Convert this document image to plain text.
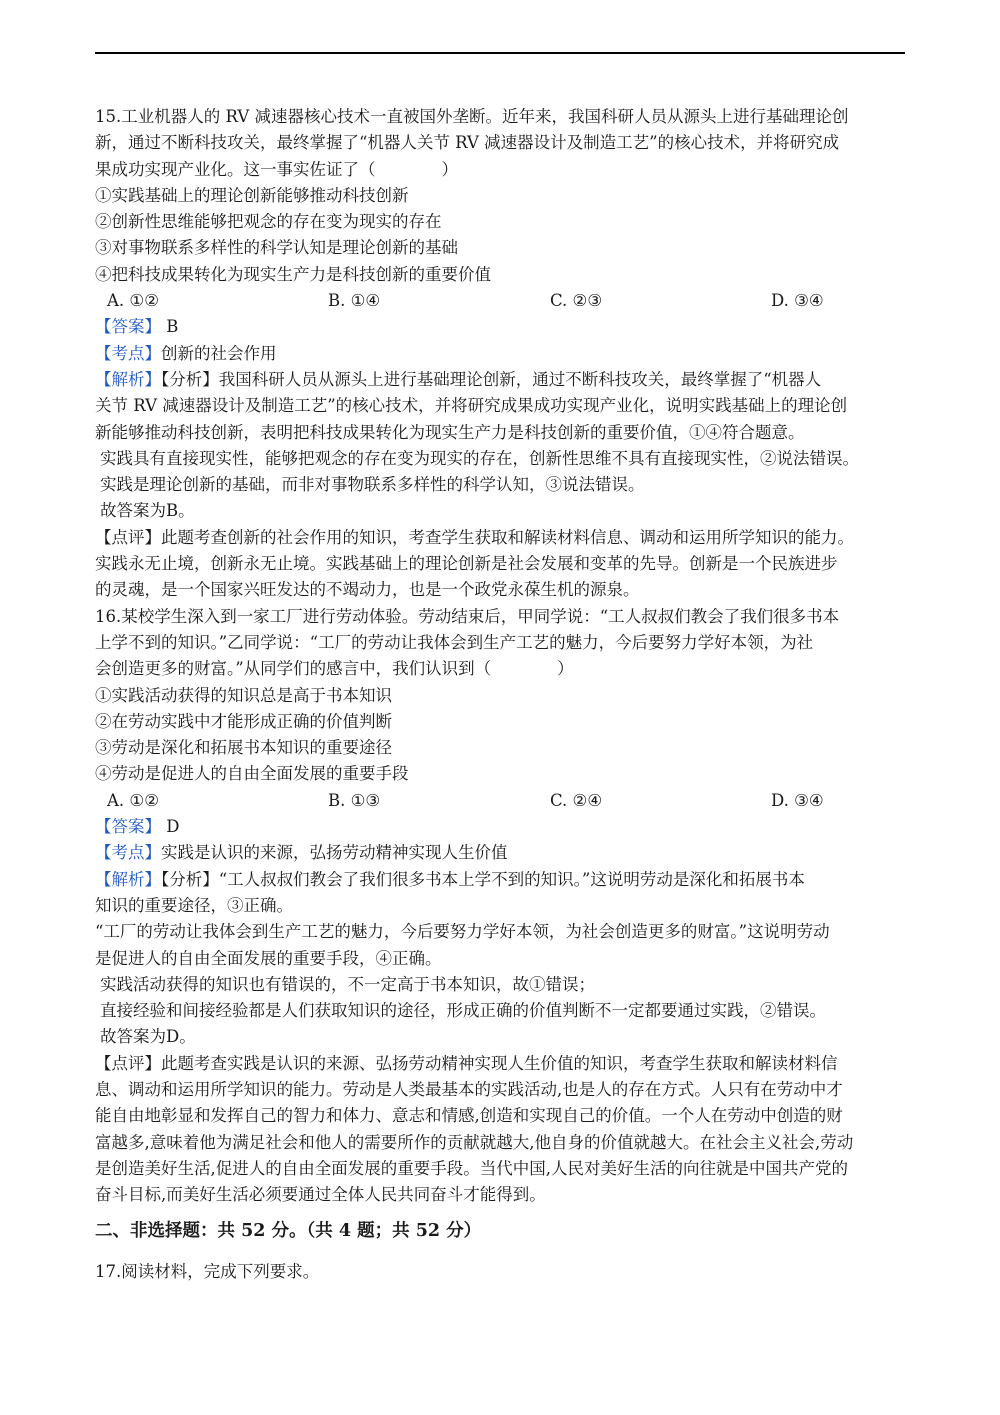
15.工业机器人的 RV 减速器核心技术一直被国外垄断。近年来，我国科研人员从源头上进行基础理论创
新，通过不断科技攻关，最终掌握了“机器人关节 RV 减速器设计及制造工艺”的核心技术，并将研究成
果成功实现产业化。这一事实佐证了（　　　　）
①实践基础上的理论创新能够推动科技创新
②创新性思维能够把观念的存在变为现实的存在
③对事物联系多样性的科学认知是理论创新的基础
④把科技成果转化为现实生产力是科技创新的重要价值
A. ①②	B. ①④	C. ②③	D. ③④
【答案】 B
【考点】创新的社会作用
【解析】【分析】我国科研人员从源头上进行基础理论创新，通过不断科技攻关，最终掌握了“机器人
关节 RV 减速器设计及制造工艺”的核心技术，并将研究成果成功实现产业化，说明实践基础上的理论创
新能够推动科技创新，表明把科技成果转化为现实生产力是科技创新的重要价值，①④符合题意。
实践具有直接现实性，能够把观念的存在变为现实的存在，创新性思维不具有直接现实性，②说法错误。
实践是理论创新的基础，而非对事物联系多样性的科学认知，③说法错误。
故答案为B。
【点评】此题考查创新的社会作用的知识，考查学生获取和解读材料信息、调动和运用所学知识的能力。
实践永无止境，创新永无止境。实践基础上的理论创新是社会发展和变革的先导。创新是一个民族进步
的灵魂，是一个国家兴旺发达的不竭动力，也是一个政党永葆生机的源泉。
16.某校学生深入到一家工厂进行劳动体验。劳动结束后，甲同学说：“工人叔叔们教会了我们很多书本
上学不到的知识。”乙同学说：“工厂的劳动让我体会到生产工艺的魅力，今后要努力学好本领，为社
会创造更多的财富。”从同学们的感言中，我们认识到（　　　　）
①实践活动获得的知识总是高于书本知识
②在劳动实践中才能形成正确的价值判断
③劳动是深化和拓展书本知识的重要途径
④劳动是促进人的自由全面发展的重要手段
A. ①②	B. ①③	C. ②④	D. ③④
【答案】 D
【考点】实践是认识的来源，弘扬劳动精神实现人生价值
【解析】【分析】“工人叔叔们教会了我们很多书本上学不到的知识。”这说明劳动是深化和拓展书本
知识的重要途径，③正确。
“工厂的劳动让我体会到生产工艺的魅力，今后要努力学好本领，为社会创造更多的财富。”这说明劳动
是促进人的自由全面发展的重要手段，④正确。
实践活动获得的知识也有错误的，不一定高于书本知识，故①错误；
直接经验和间接经验都是人们获取知识的途径，形成正确的价值判断不一定都要通过实践，②错误。
故答案为D。
【点评】此题考查实践是认识的来源、弘扬劳动精神实现人生价值的知识，考查学生获取和解读材料信
息、调动和运用所学知识的能力。劳动是人类最基本的实践活动,也是人的存在方式。人只有在劳动中才
能自由地彰显和发挥自己的智力和体力、意志和情感,创造和实现自己的价值。一个人在劳动中创造的财
富越多,意味着他为满足社会和他人的需要所作的贡献就越大,他自身的价值就越大。在社会主义社会,劳动
是创造美好生活,促进人的自由全面发展的重要手段。当代中国,人民对美好生活的向往就是中国共产党的
奋斗目标,而美好生活必须要通过全体人民共同奋斗才能得到。
二、非选择题：共 52 分。（共 4 题；共 52 分）
17.阅读材料，完成下列要求。
